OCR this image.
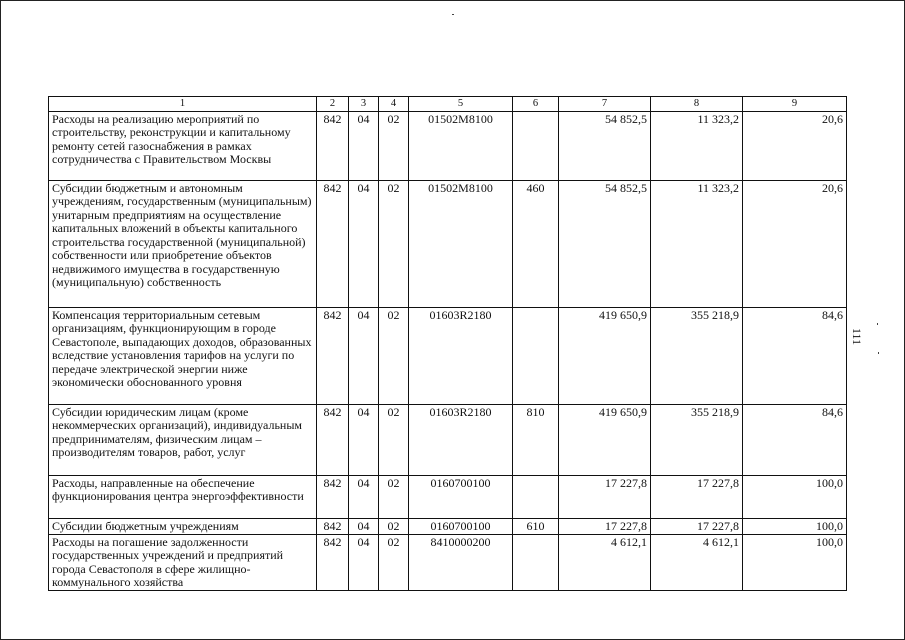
1	2	3	4	5	6	7	8	9
Расходы на реализацию мероприятий по строительству, реконструкции и капитальному ремонту сетей газоснабжения в рамках сотрудничества с Правительством Москвы	842	04	02	01502M8100		54 852,5	11 323,2	20,6
Субсидии бюджетным и автономным учреждениям, государственным (муниципальным) унитарным предприятиям на осуществление капитальных вложений в объекты капитального строительства государственной (муниципальной) собственности или приобретение объектов недвижимого имущества в государственную (муниципальную) собственность	842	04	02	01502M8100	460	54 852,5	11 323,2	20,6
Компенсация территориальным сетевым организациям, функционирующим в городе Севастополе, выпадающих доходов, образованных вследствие установления тарифов на услуги по передаче электрической энергии ниже экономически обоснованного уровня	842	04	02	01603R2180		419 650,9	355 218,9	84,6
Субсидии юридическим лицам (кроме некоммерческих организаций), индивидуальным предпринимателям, физическим лицам – производителям товаров, работ, услуг	842	04	02	01603R2180	810	419 650,9	355 218,9	84,6
Расходы, направленные на обеспечение функционирования центра энергоэффективности	842	04	02	0160700100		17 227,8	17 227,8	100,0
Субсидии бюджетным учреждениям	842	04	02	0160700100	610	17 227,8	17 227,8	100,0
Расходы на погашение задолженности государственных учреждений и предприятий города Севастополя в сфере жилищно-коммунального хозяйства	842	04	02	8410000200		4 612,1	4 612,1	100,0
111
